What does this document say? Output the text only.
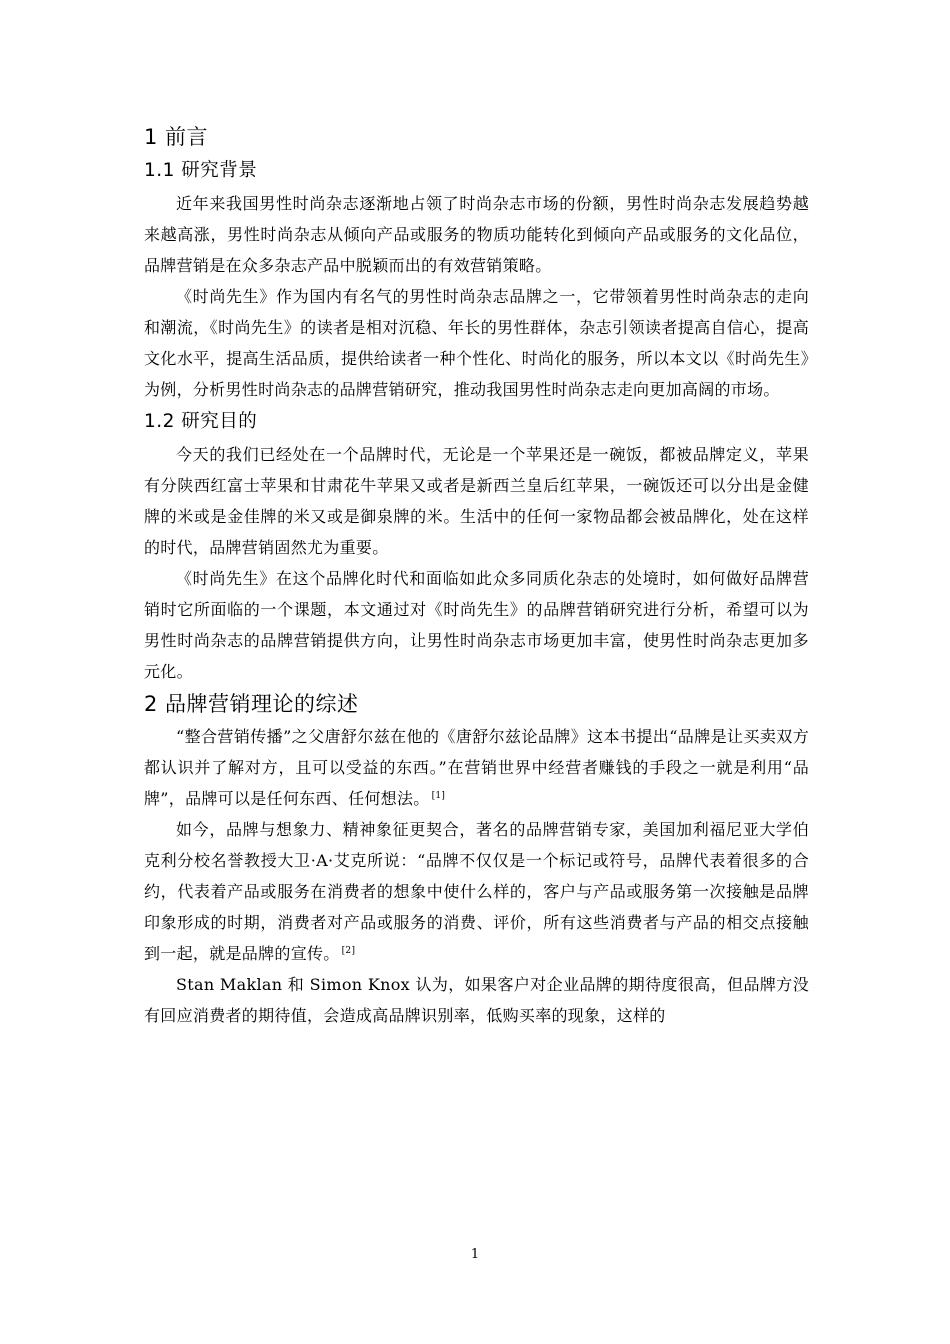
1 前言
1.1 研究背景

近年来我国男性时尚杂志逐渐地占领了时尚杂志市场的份额，男性时尚杂志发展趋势越来越高涨，男性时尚杂志从倾向产品或服务的物质功能转化到倾向产品或服务的文化品位，品牌营销是在众多杂志产品中脱颖而出的有效营销策略。

《时尚先生》作为国内有名气的男性时尚杂志品牌之一，它带领着男性时尚杂志的走向和潮流，《时尚先生》的读者是相对沉稳、年长的男性群体，杂志引领读者提高自信心，提高文化水平，提高生活品质，提供给读者一种个性化、时尚化的服务，所以本文以《时尚先生》为例，分析男性时尚杂志的品牌营销研究，推动我国男性时尚杂志走向更加高阔的市场。

1.2 研究目的

今天的我们已经处在一个品牌时代，无论是一个苹果还是一碗饭，都被品牌定义，苹果有分陕西红富士苹果和甘肃花牛苹果又或者是新西兰皇后红苹果，一碗饭还可以分出是金健牌的米或是金佳牌的米又或是御泉牌的米。生活中的任何一家物品都会被品牌化，处在这样的时代，品牌营销固然尤为重要。

《时尚先生》在这个品牌化时代和面临如此众多同质化杂志的处境时，如何做好品牌营销时它所面临的一个课题，本文通过对《时尚先生》的品牌营销研究进行分析，希望可以为男性时尚杂志的品牌营销提供方向，让男性时尚杂志市场更加丰富，使男性时尚杂志更加多元化。

2 品牌营销理论的综述

“整合营销传播”之父唐舒尔兹在他的《唐舒尔兹论品牌》这本书提出“品牌是让买卖双方都认识并了解对方，且可以受益的东西。”在营销世界中经营者赚钱的手段之一就是利用“品牌”，品牌可以是任何东西、任何想法。 [1]

如今，品牌与想象力、精神象征更契合，著名的品牌营销专家，美国加利福尼亚大学伯克利分校名誉教授大卫·A·艾克所说：“品牌不仅仅是一个标记或符号，品牌代表着很多的合约，代表着产品或服务在消费者的想象中使什么样的，客户与产品或服务第一次接触是品牌印象形成的时期，消费者对产品或服务的消费、评价，所有这些消费者与产品的相交点接触到一起，就是品牌的宣传。 [2]

Stan Maklan 和 Simon Knox 认为，如果客户对企业品牌的期待度很高，但品牌方没有回应消费者的期待值，会造成高品牌识别率，低购买率的现象，这样的

1
